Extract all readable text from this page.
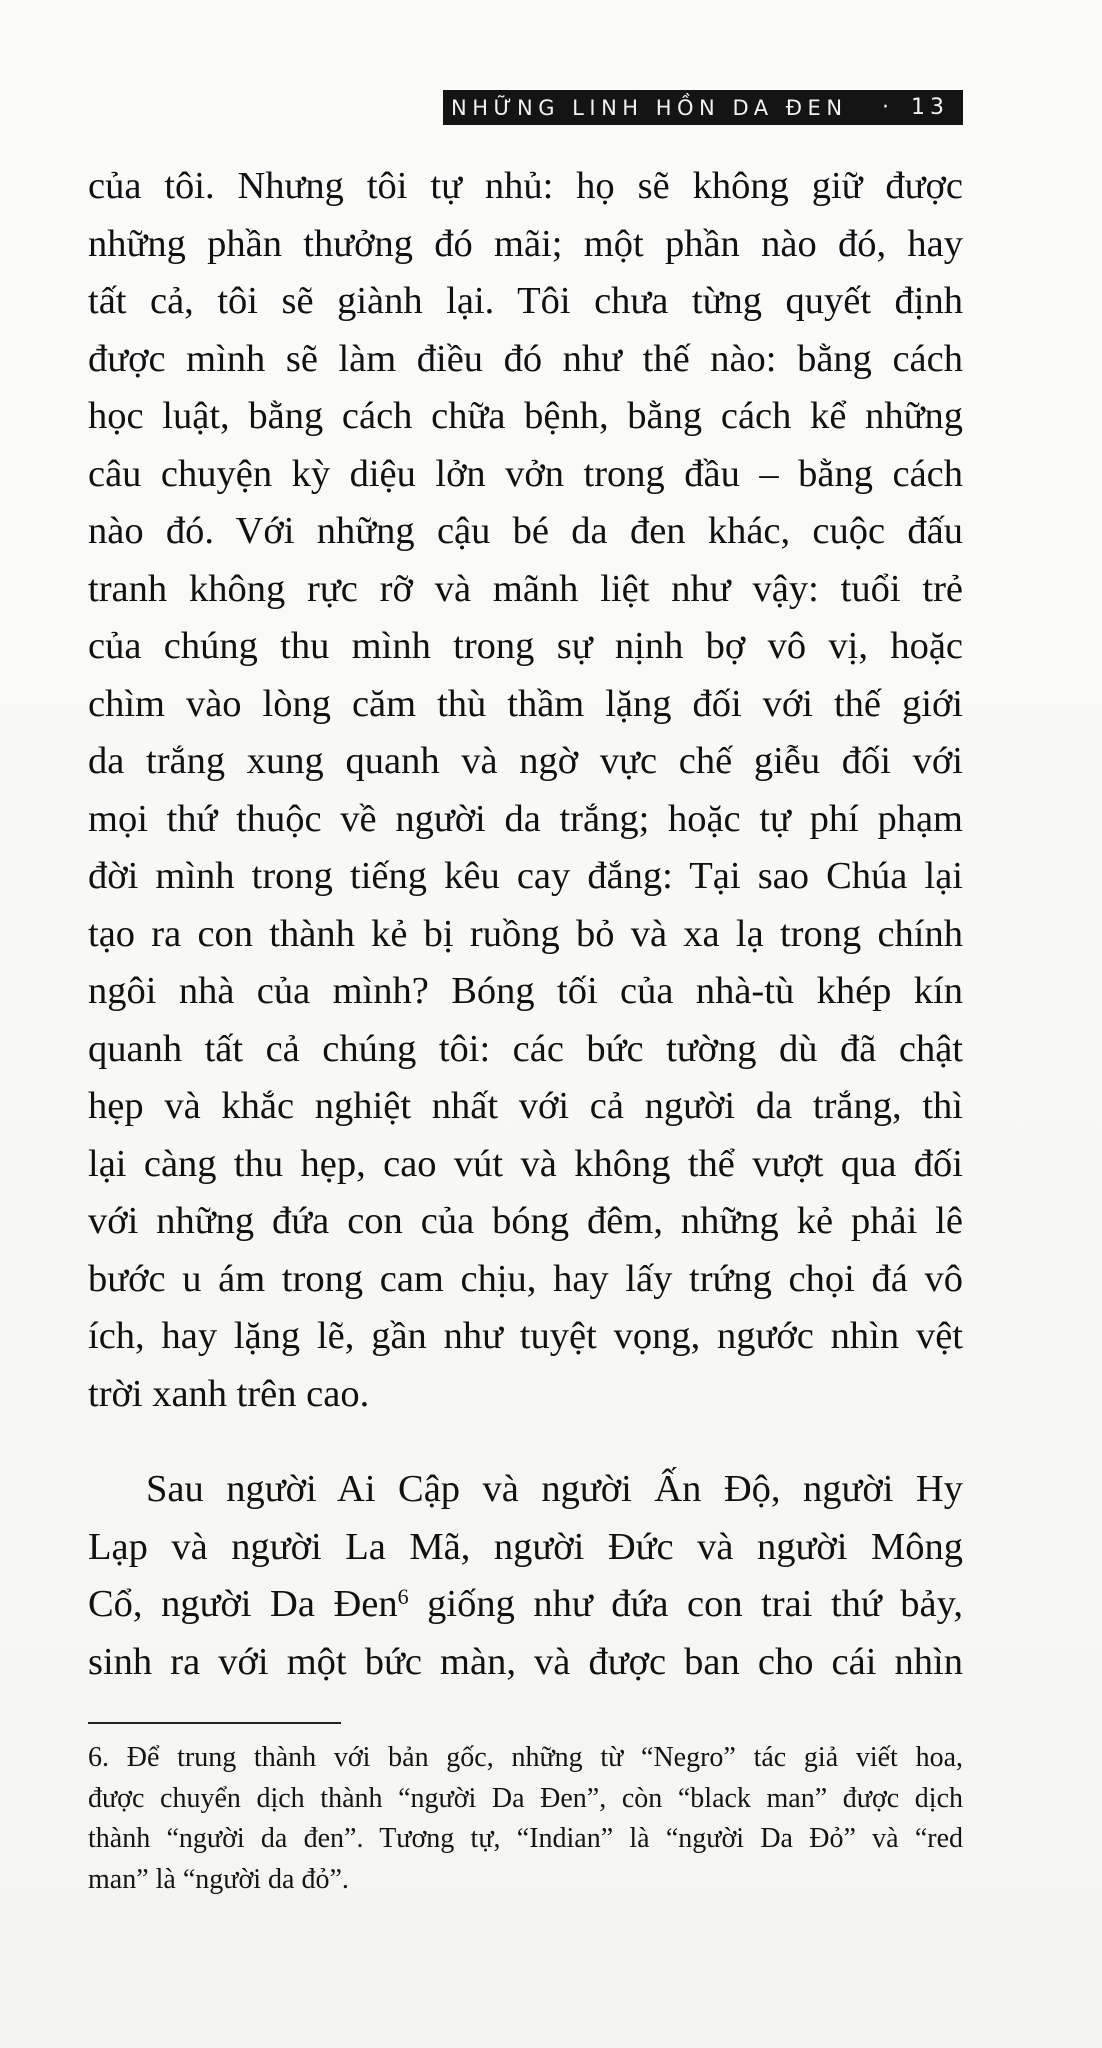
NHỮNG LINH HỒN DA ĐEN · 13
của tôi. Nhưng tôi tự nhủ: họ sẽ không giữ được
những phần thưởng đó mãi; một phần nào đó, hay
tất cả, tôi sẽ giành lại. Tôi chưa từng quyết định
được mình sẽ làm điều đó như thế nào: bằng cách
học luật, bằng cách chữa bệnh, bằng cách kể những
câu chuyện kỳ diệu lởn vởn trong đầu – bằng cách
nào đó. Với những cậu bé da đen khác, cuộc đấu
tranh không rực rỡ và mãnh liệt như vậy: tuổi trẻ
của chúng thu mình trong sự nịnh bợ vô vị, hoặc
chìm vào lòng căm thù thầm lặng đối với thế giới
da trắng xung quanh và ngờ vực chế giễu đối với
mọi thứ thuộc về người da trắng; hoặc tự phí phạm
đời mình trong tiếng kêu cay đắng: Tại sao Chúa lại
tạo ra con thành kẻ bị ruồng bỏ và xa lạ trong chính
ngôi nhà của mình? Bóng tối của nhà-tù khép kín
quanh tất cả chúng tôi: các bức tường dù đã chật
hẹp và khắc nghiệt nhất với cả người da trắng, thì
lại càng thu hẹp, cao vút và không thể vượt qua đối
với những đứa con của bóng đêm, những kẻ phải lê
bước u ám trong cam chịu, hay lấy trứng chọi đá vô
ích, hay lặng lẽ, gần như tuyệt vọng, ngước nhìn vệt
trời xanh trên cao.
Sau người Ai Cập và người Ấn Độ, người Hy
Lạp và người La Mã, người Đức và người Mông
Cổ, người Da Đen$^6$ giống như đứa con trai thứ bảy,
sinh ra với một bức màn, và được ban cho cái nhìn
6. Để trung thành với bản gốc, những từ “Negro” tác giả viết hoa,
được chuyển dịch thành “người Da Đen”, còn “black man” được dịch
thành “người da đen”. Tương tự, “Indian” là “người Da Đỏ” và “red
man” là “người da đỏ”.
